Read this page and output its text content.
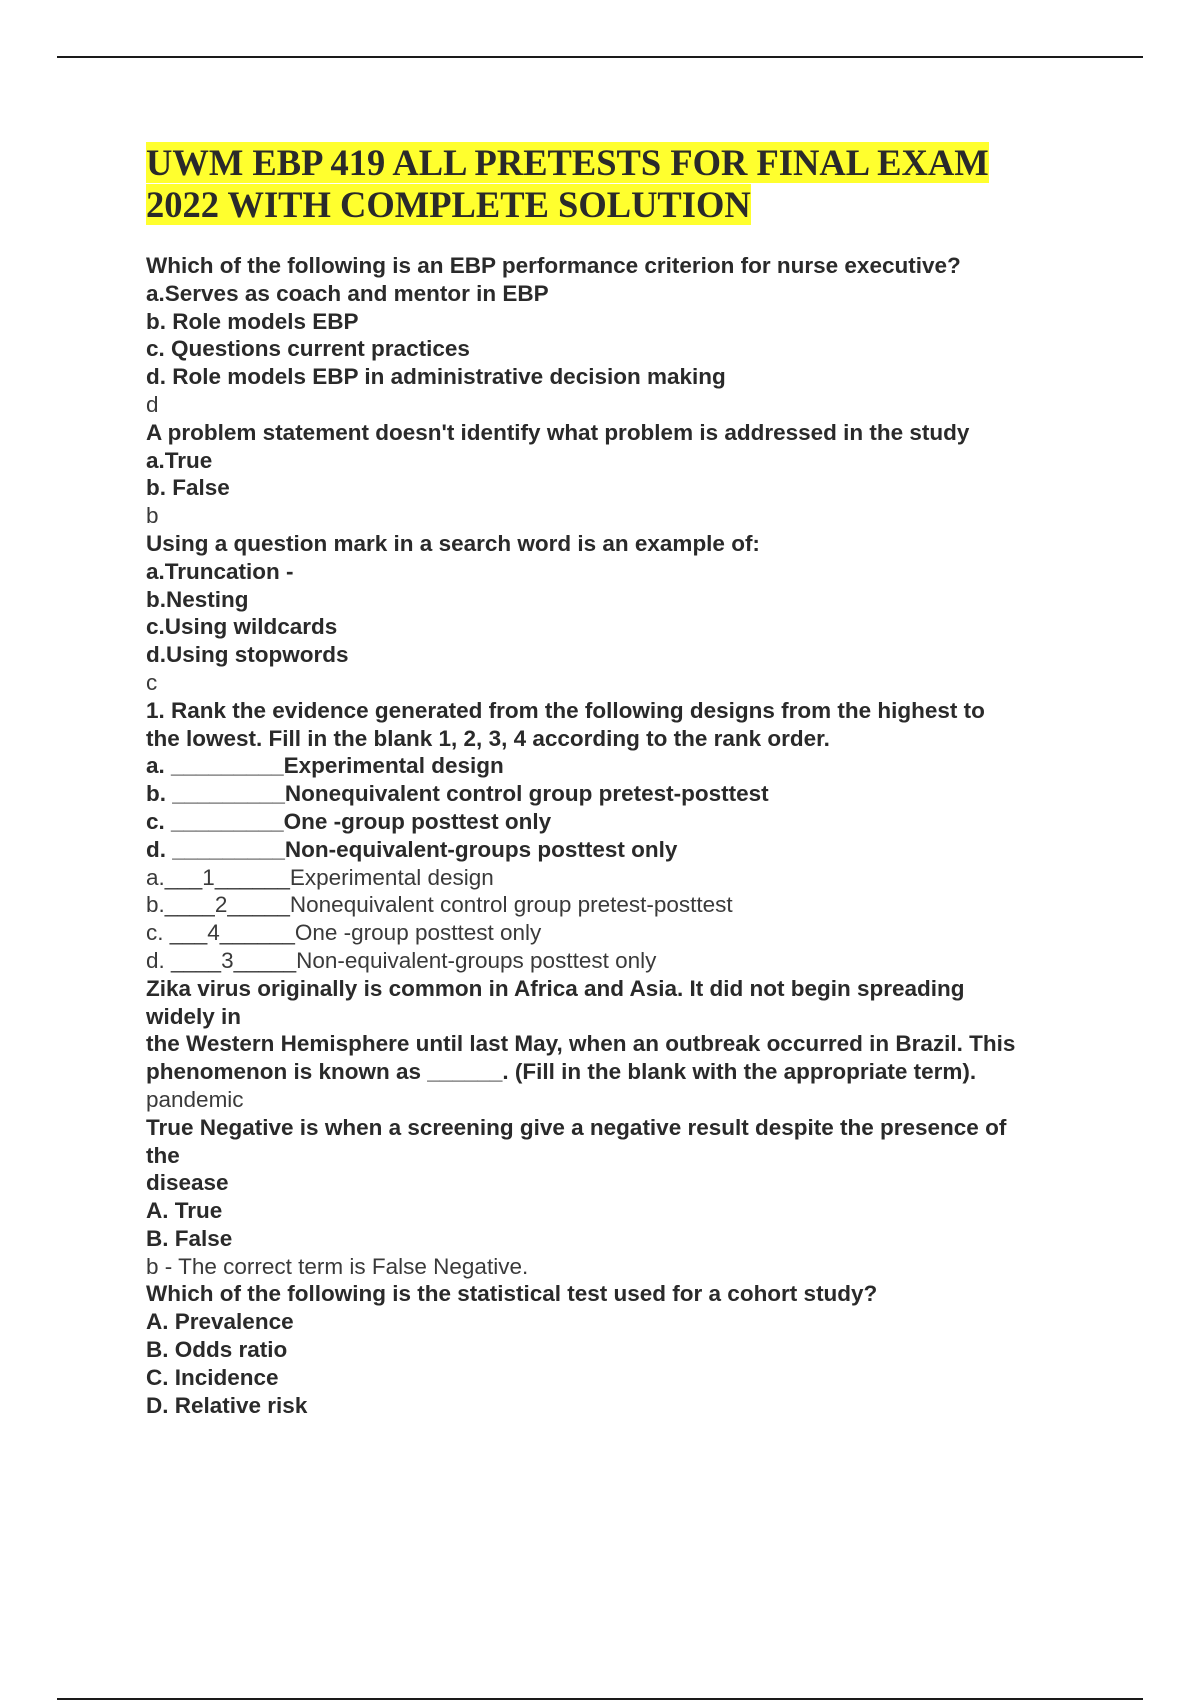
UWM EBP 419 ALL PRETESTS FOR FINAL EXAM
2022 WITH COMPLETE SOLUTION
Which of the following is an EBP performance criterion for nurse executive?
a.Serves as coach and mentor in EBP
b. Role models EBP
c. Questions current practices
d. Role models EBP in administrative decision making
d
A problem statement doesn't identify what problem is addressed in the study
a.True
b. False
b
Using a question mark in a search word is an example of:
a.Truncation -
b.Nesting
c.Using wildcards
d.Using stopwords
c
1. Rank the evidence generated from the following designs from the highest to
the lowest. Fill in the blank 1, 2, 3, 4 according to the rank order.
a. _________Experimental design
b. _________Nonequivalent control group pretest-posttest
c. _________One -group posttest only
d. _________Non-equivalent-groups posttest only
a.___1______Experimental design
b.____2_____Nonequivalent control group pretest-posttest
c. ___4______One -group posttest only
d. ____3_____Non-equivalent-groups posttest only
Zika virus originally is common in Africa and Asia. It did not begin spreading
widely in
the Western Hemisphere until last May, when an outbreak occurred in Brazil. This
phenomenon is known as ______. (Fill in the blank with the appropriate term).
pandemic
True Negative is when a screening give a negative result despite the presence of
the
disease
A. True
B. False
b - The correct term is False Negative.
Which of the following is the statistical test used for a cohort study?
A. Prevalence
B. Odds ratio
C. Incidence
D. Relative risk
